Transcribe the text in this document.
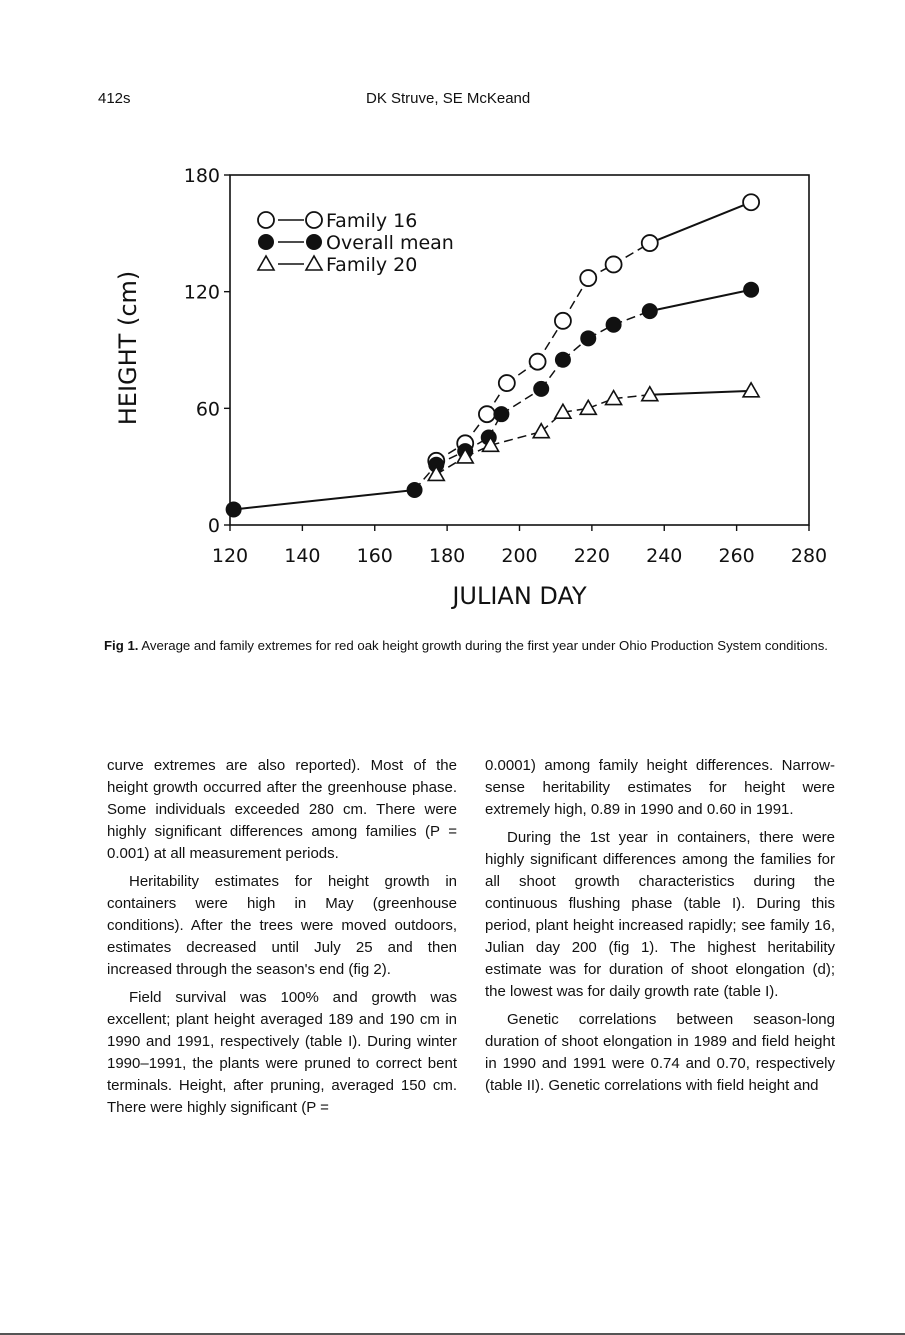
412s	DK Struve, SE McKeand
0
60
120
180
120 140 160 180 200 220 240 260 280
JULIAN DAY
HEIGHT (cm)
Family 16
Overall mean
Family 20
Fig 1. Average and family extremes for red oak height growth during the first year under Ohio Production System conditions.

curve extremes are also reported). Most of the height growth occurred after the greenhouse phase. Some individuals exceeded 280 cm. There were highly significant differences among families (P = 0.001) at all measurement periods.

Heritability estimates for height growth in containers were high in May (greenhouse conditions). After the trees were moved outdoors, estimates decreased until July 25 and then increased through the season's end (fig 2).

Field survival was 100% and growth was excellent; plant height averaged 189 and 190 cm in 1990 and 1991, respectively (table I). During winter 1990–1991, the plants were pruned to correct bent terminals. Height, after pruning, averaged 150 cm. There were highly significant (P =

0.0001) among family height differences. Narrow-sense heritability estimates for height were extremely high, 0.89 in 1990 and 0.60 in 1991.

During the 1st year in containers, there were highly significant differences among the families for all shoot growth characteristics during the continuous flushing phase (table I). During this period, plant height increased rapidly; see family 16, Julian day 200 (fig 1). The highest heritability estimate was for duration of shoot elongation (d); the lowest was for daily growth rate (table I).

Genetic correlations between season-long duration of shoot elongation in 1989 and field height in 1990 and 1991 were 0.74 and 0.70, respectively (table II). Genetic correlations with field height and
